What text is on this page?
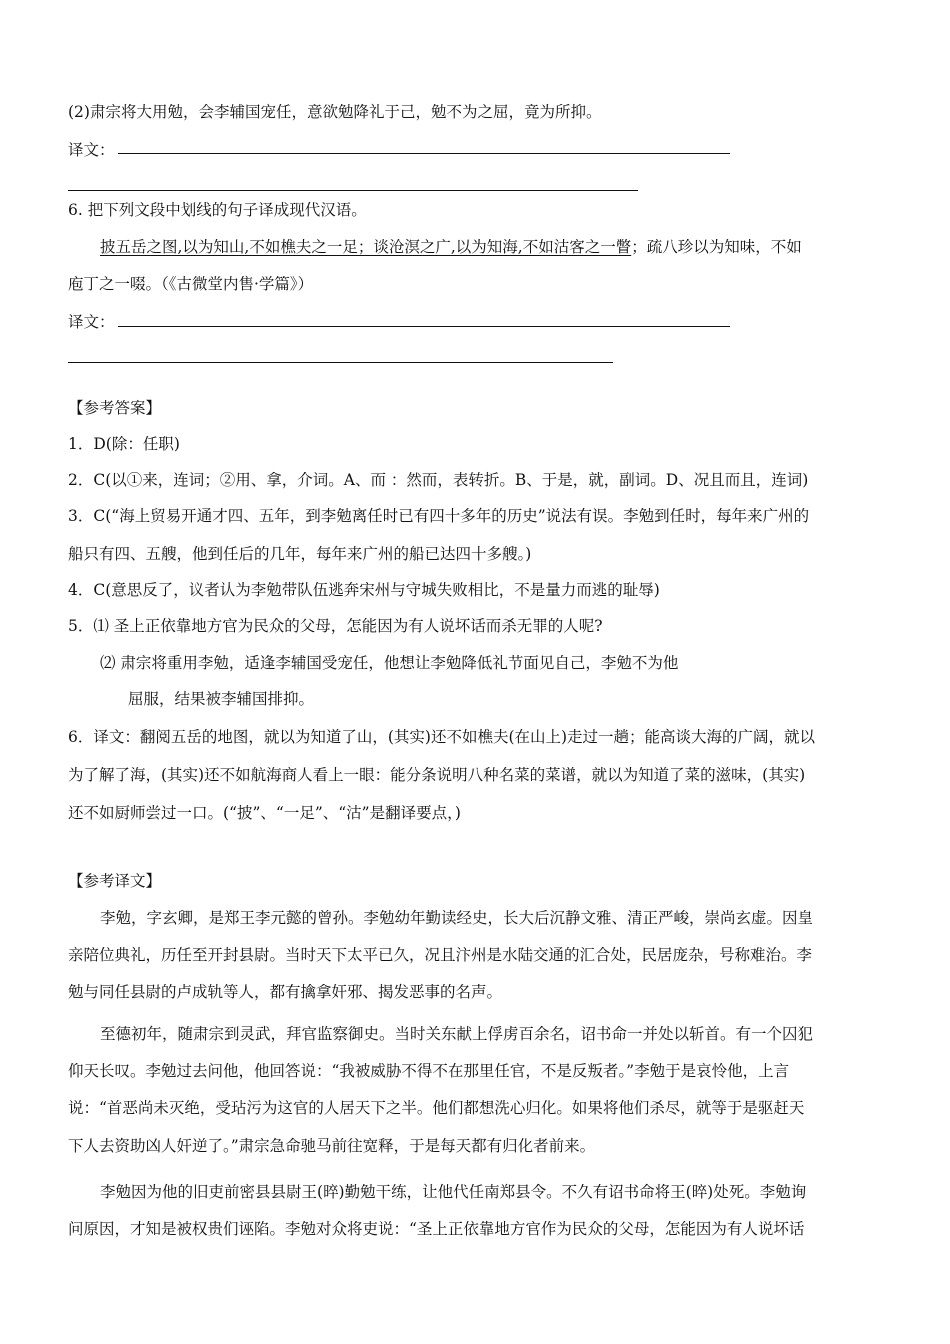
(2)肃宗将大用勉，会李辅国宠任，意欲勉降礼于己，勉不为之屈，竟为所抑。
译文：
6. 把下列文段中划线的句子译成现代汉语。
披五岳之图,以为知山,不如樵夫之一足；谈沧溟之广,以为知海,不如沽客之一瞥；疏八珍以为知味，不如
庖丁之一啜。（《古微堂内售·学篇》）
译文：
【参考答案】
1．D(除：任职)
2．C(以①来，连词；②用、拿，介词。A、而 ：然而，表转折。B、于是，就，副词。D、况且而且，连词)
3．C(“海上贸易开通才四、五年，到李勉离任时已有四十多年的历史”说法有误。李勉到任时，每年来广州的
船只有四、五艘，他到任后的几年，每年来广州的船已达四十多艘。)
4．C(意思反了，议者认为李勉带队伍逃奔宋州与守城失败相比，不是量力而逃的耻辱)
5．⑴ 圣上正依靠地方官为民众的父母，怎能因为有人说坏话而杀无罪的人呢?
⑵ 肃宗将重用李勉，适逢李辅国受宠任，他想让李勉降低礼节面见自己，李勉不为他
屈服，结果被李辅国排抑。
6．译文：翻阅五岳的地图，就以为知道了山，(其实)还不如樵夫(在山上)走过一趟；能高谈大海的广阔，就以
为了解了海，(其实)还不如航海商人看上一眼：能分条说明八种名菜的菜谱，就以为知道了菜的滋味，(其实)
还不如厨师尝过一口。(“披”、“一足”、“沽”是翻译要点，)
【参考译文】
李勉，字玄卿，是郑王李元懿的曾孙。李勉幼年勤读经史，长大后沉静文雅、清正严峻，崇尚玄虚。因皇
亲陪位典礼，历任至开封县尉。当时天下太平已久，况且汴州是水陆交通的汇合处，民居庞杂，号称难治。李
勉与同任县尉的卢成轨等人，都有擒拿奸邪、揭发恶事的名声。
至德初年，随肃宗到灵武，拜官监察御史。当时关东献上俘虏百余名，诏书命一并处以斩首。有一个囚犯
仰天长叹。李勉过去问他，他回答说：“我被威胁不得不在那里任官，不是反叛者。”李勉于是哀怜他，上言
说：“首恶尚未灭绝，受玷污为这官的人居天下之半。他们都想洗心归化。如果将他们杀尽，就等于是驱赶天
下人去资助凶人奸逆了。”肃宗急命驰马前往宽释，于是每天都有归化者前来。
李勉因为他的旧吏前密县县尉王(晬)勤勉干练，让他代任南郑县令。不久有诏书命将王(晬)处死。李勉询
问原因，才知是被权贵们诬陷。李勉对众将吏说：“圣上正依靠地方官作为民众的父母，怎能因为有人说坏话
